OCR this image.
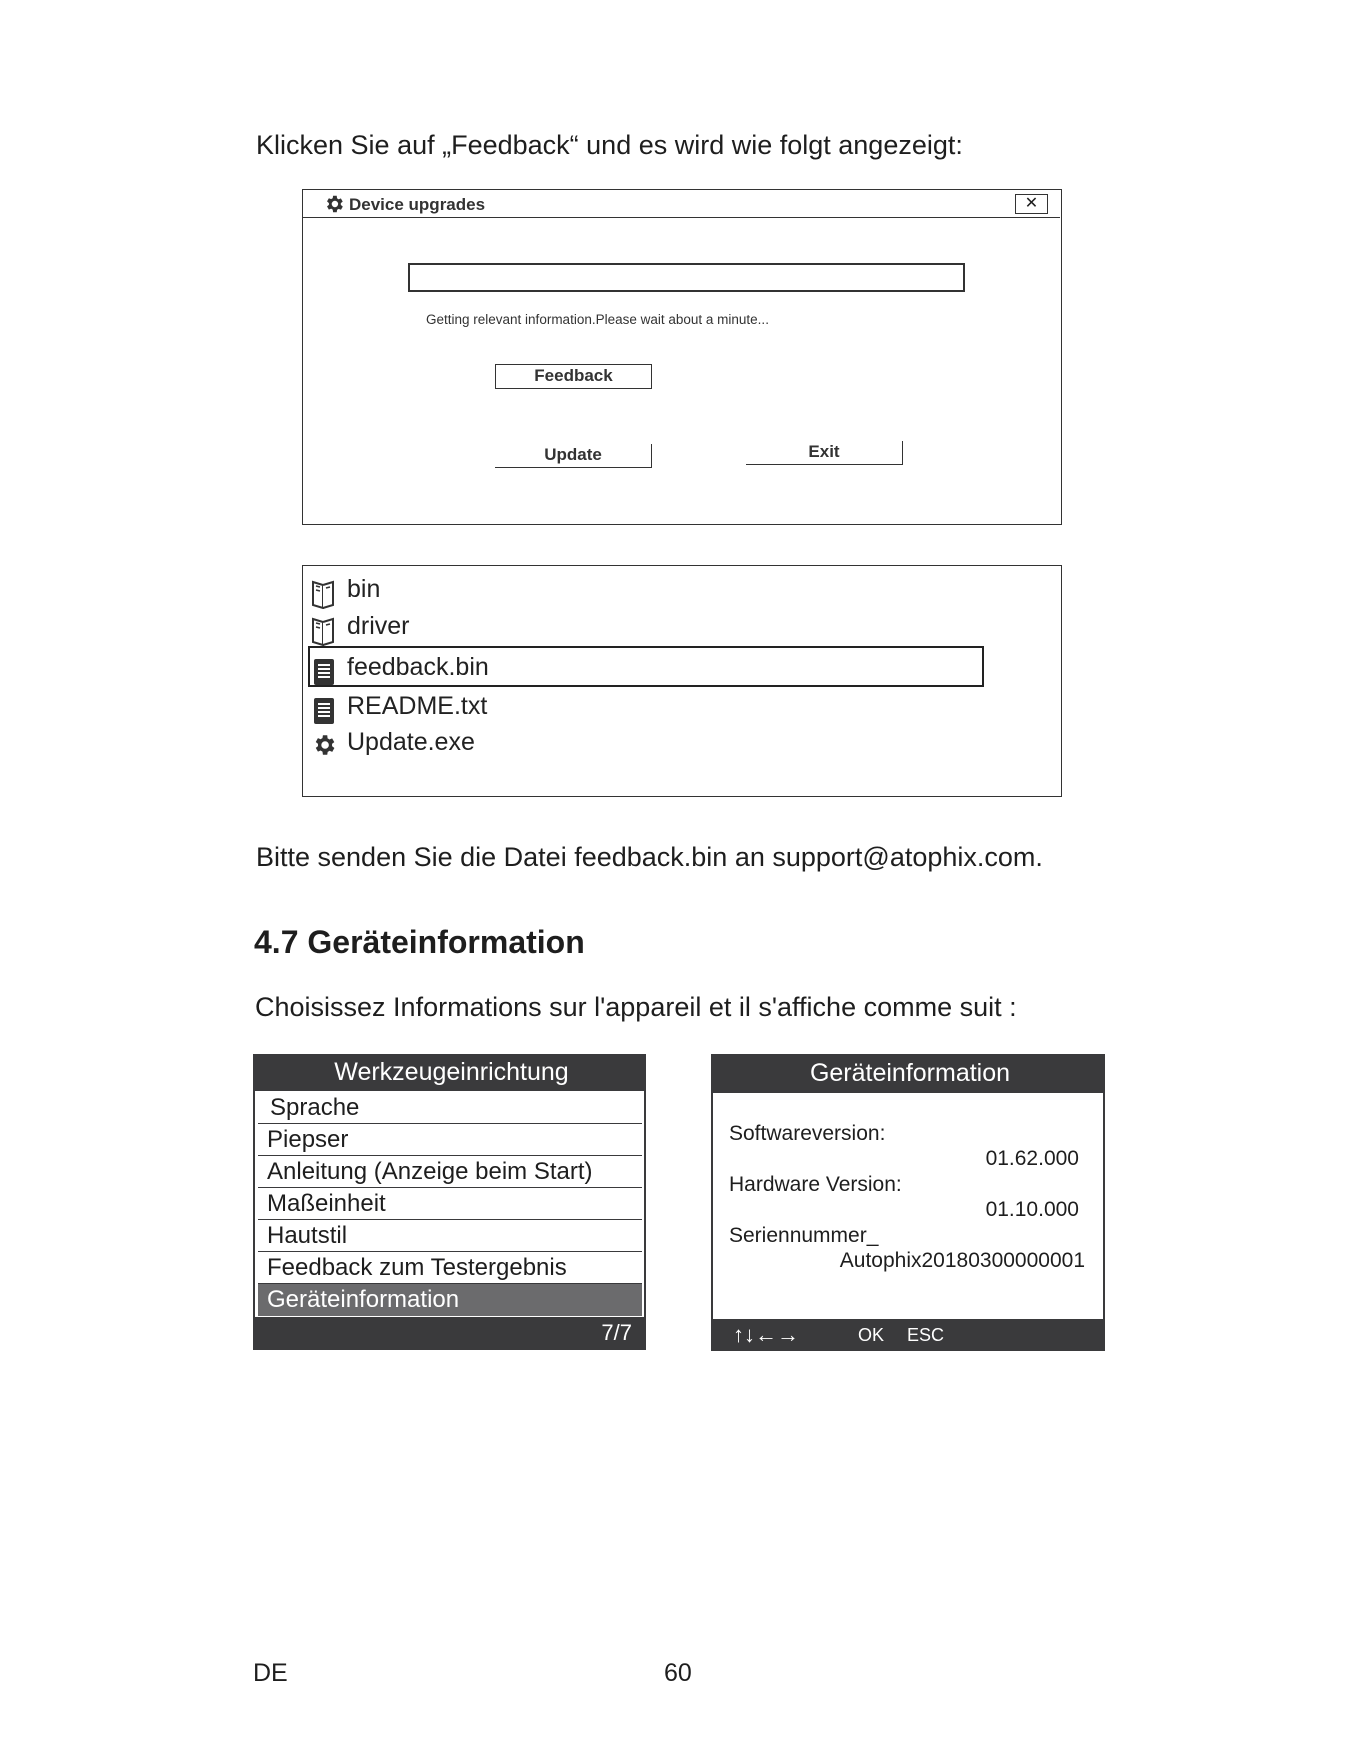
Klicken Sie auf „Feedback“ und es wird wie folgt angezeigt:
Device upgrades	✕
Getting relevant information.Please wait about a minute...
Feedback
Update	Exit
bin
driver
feedback.bin
README.txt
Update.exe
Bitte senden Sie die Datei feedback.bin an support@atophix.com.
4.7 Geräteinformation
Choisissez Informations sur l'appareil et il s'affiche comme suit :
Werkzeugeinrichtung
Sprache
Piepser
Anleitung (Anzeige beim Start)
Maßeinheit
Hautstil
Feedback zum Testergebnis
Geräteinformation
7/7
Geräteinformation
Softwareversion:
01.62.000
Hardware Version:
01.10.000
Seriennummer_
Autophix20180300000001
↑↓←→	OK ESC
DE	60
